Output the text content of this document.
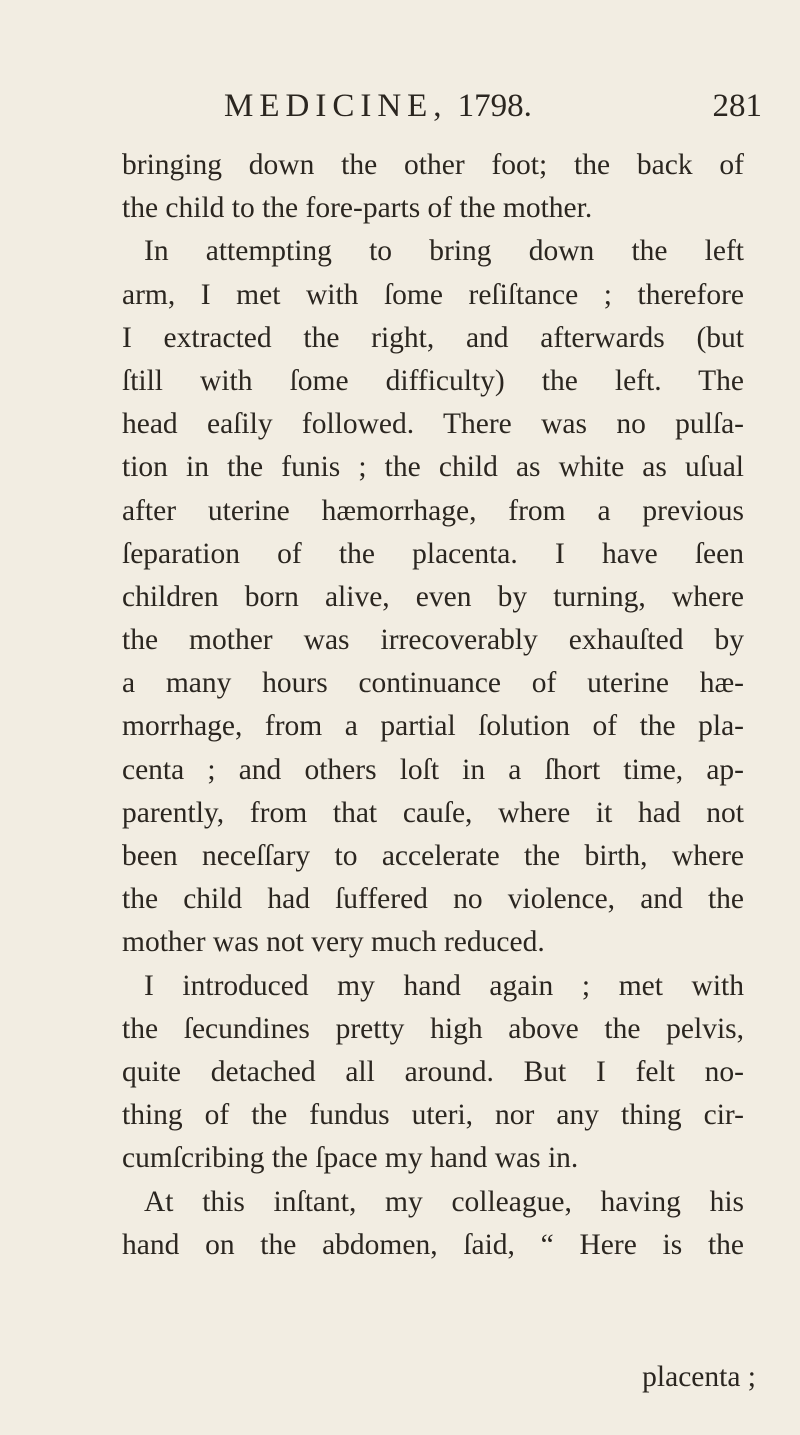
MEDICINE, 1798.	281
bringing down the other foot; the back of
the child to the fore-parts of the mother.
In attempting to bring down the left
arm, I met with ſome reſiſtance ; therefore
I extracted the right, and afterwards (but
ſtill with ſome difficulty) the left. The
head eaſily followed. There was no pulſa-
tion in the funis ; the child as white as uſual
after uterine hæmorrhage, from a previous
ſeparation of the placenta. I have ſeen
children born alive, even by turning, where
the mother was irrecoverably exhauſted by
a many hours continuance of uterine hæ-
morrhage, from a partial ſolution of the pla-
centa ; and others loſt in a ſhort time, ap-
parently, from that cauſe, where it had not
been neceſſary to accelerate the birth, where
the child had ſuffered no violence, and the
mother was not very much reduced.
I introduced my hand again ; met with
the ſecundines pretty high above the pelvis,
quite detached all around. But I felt no-
thing of the fundus uteri, nor any thing cir-
cumſcribing the ſpace my hand was in.
At this inſtant, my colleague, having his
hand on the abdomen, ſaid, “ Here is the
placenta ;
